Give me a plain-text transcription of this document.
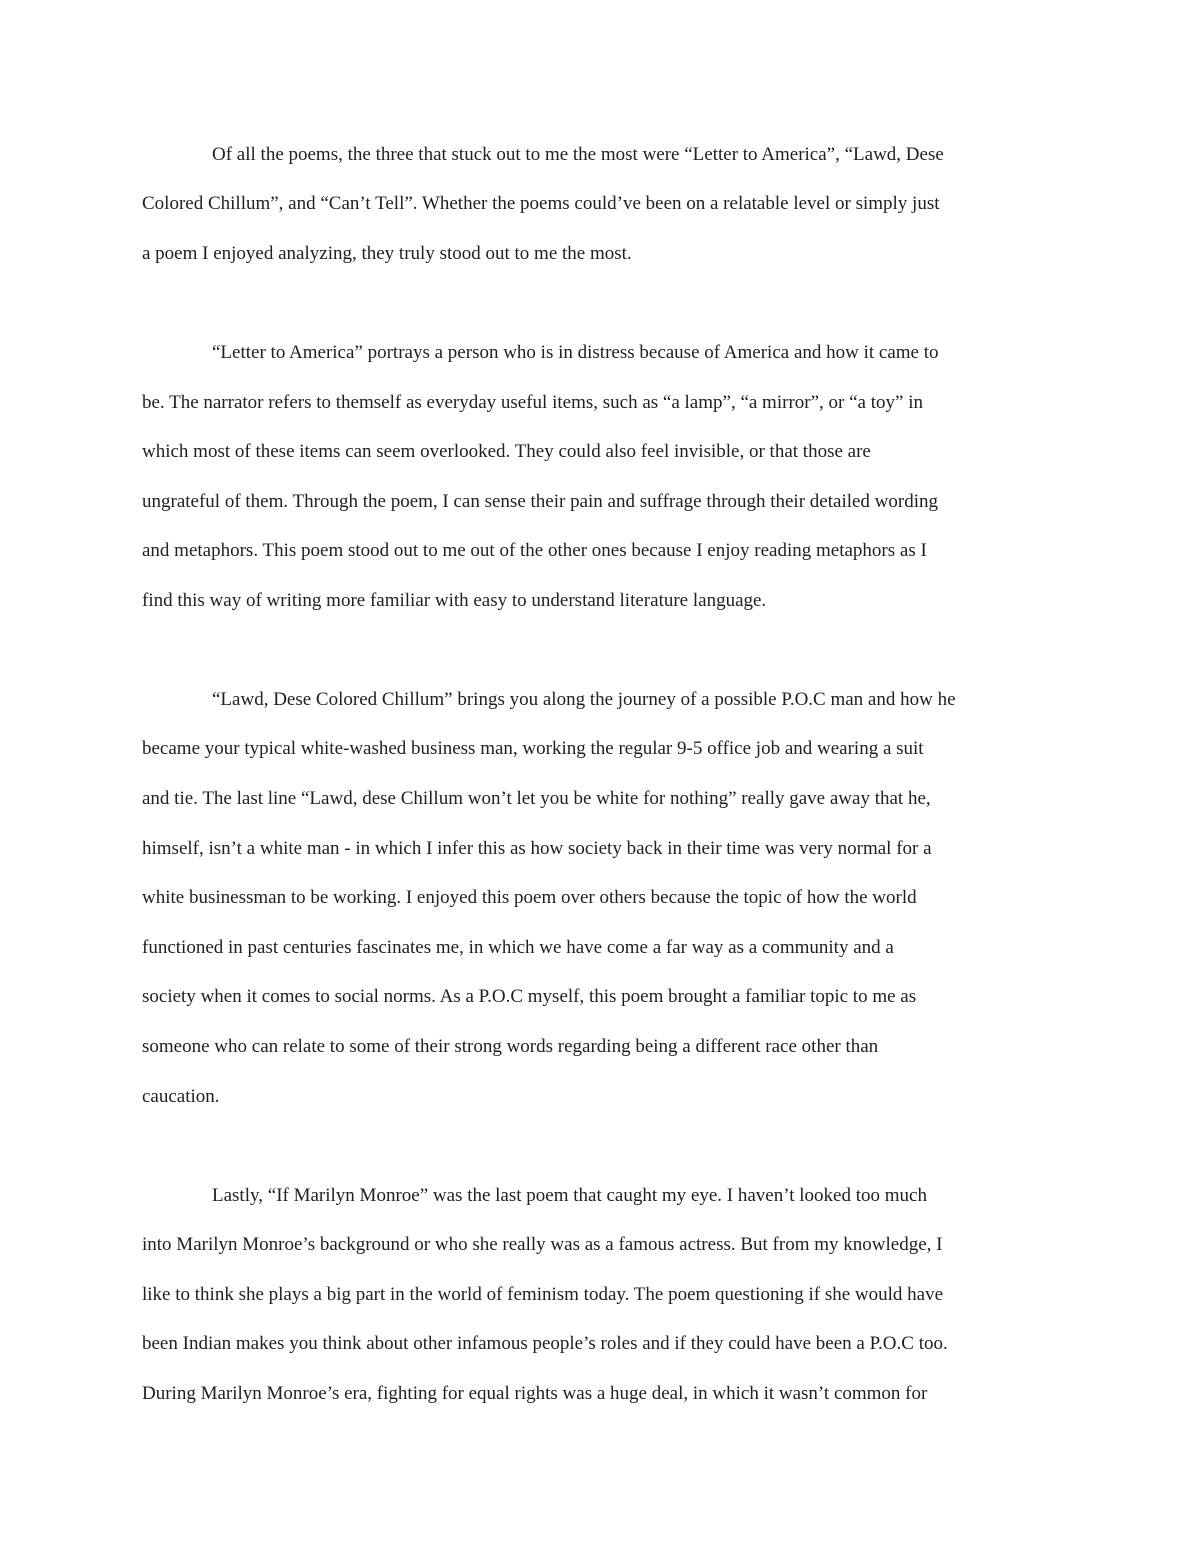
Of all the poems, the three that stuck out to me the most were “Letter to America”, “Lawd, Dese
Colored Chillum”, and “Can’t Tell”. Whether the poems could’ve been on a relatable level or simply just
a poem I enjoyed analyzing, they truly stood out to me the most.
“Letter to America” portrays a person who is in distress because of America and how it came to
be. The narrator refers to themself as everyday useful items, such as “a lamp”, “a mirror”, or “a toy” in
which most of these items can seem overlooked. They could also feel invisible, or that those are
ungrateful of them. Through the poem, I can sense their pain and suffrage through their detailed wording
and metaphors. This poem stood out to me out of the other ones because I enjoy reading metaphors as I
find this way of writing more familiar with easy to understand literature language.
“Lawd, Dese Colored Chillum” brings you along the journey of a possible P.O.C man and how he
became your typical white-washed business man, working the regular 9-5 office job and wearing a suit
and tie. The last line “Lawd, dese Chillum won’t let you be white for nothing” really gave away that he,
himself, isn’t a white man - in which I infer this as how society back in their time was very normal for a
white businessman to be working. I enjoyed this poem over others because the topic of how the world
functioned in past centuries fascinates me, in which we have come a far way as a community and a
society when it comes to social norms. As a P.O.C myself, this poem brought a familiar topic to me as
someone who can relate to some of their strong words regarding being a different race other than
caucation.
Lastly, “If Marilyn Monroe” was the last poem that caught my eye. I haven’t looked too much
into Marilyn Monroe’s background or who she really was as a famous actress. But from my knowledge, I
like to think she plays a big part in the world of feminism today. The poem questioning if she would have
been Indian makes you think about other infamous people’s roles and if they could have been a P.O.C too.
During Marilyn Monroe’s era, fighting for equal rights was a huge deal, in which it wasn’t common for
